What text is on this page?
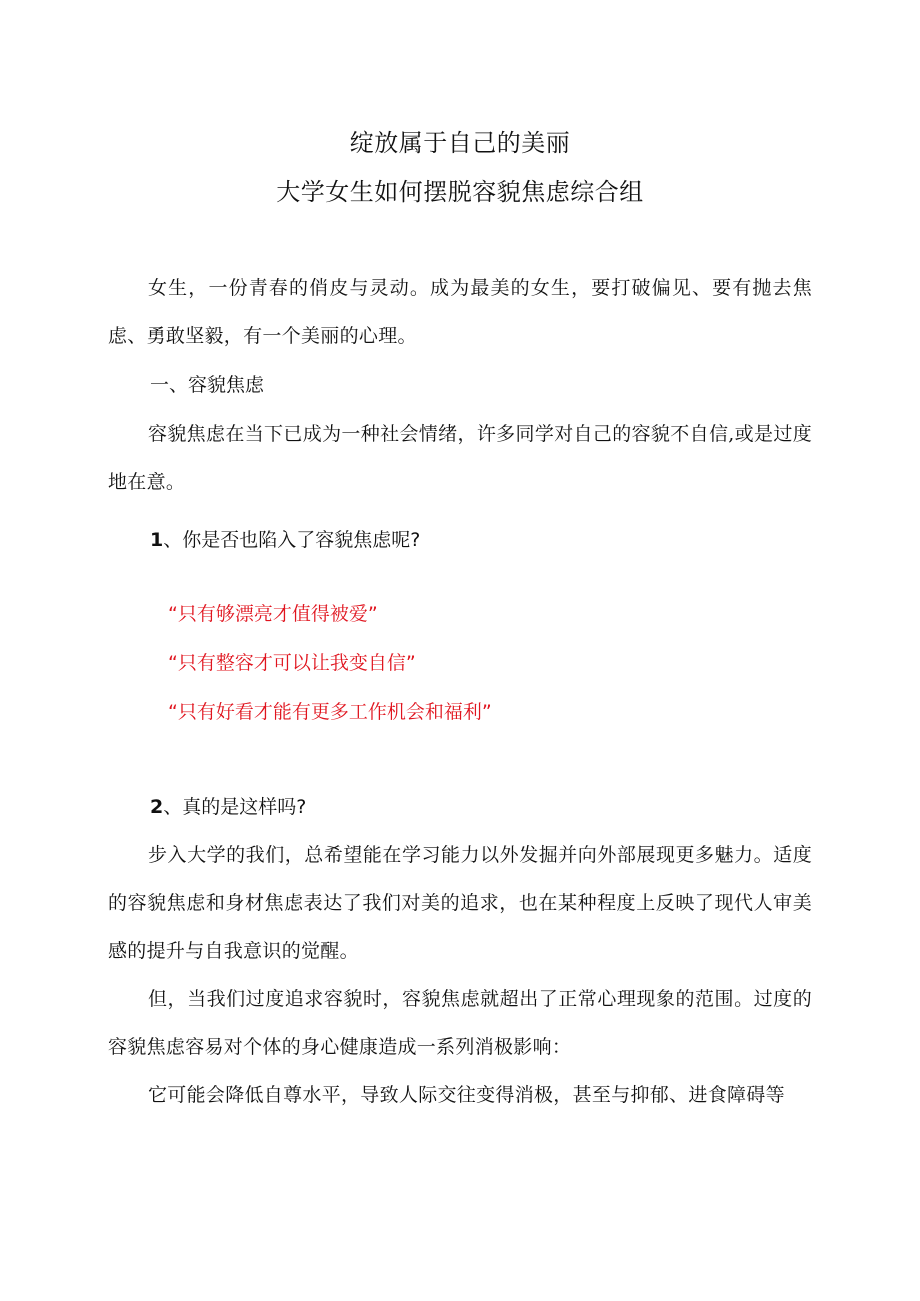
绽放属于自己的美丽
大学女生如何摆脱容貌焦虑综合组

女生，一份青春的俏皮与灵动。成为最美的女生，要打破偏见、要有抛去焦虑、勇敢坚毅，有一个美丽的心理。

一、容貌焦虑

容貌焦虑在当下已成为一种社会情绪，许多同学对自己的容貌不自信,或是过度地在意。

1、你是否也陷入了容貌焦虑呢?

“只有够漂亮才值得被爱”

“只有整容才可以让我变自信”

“只有好看才能有更多工作机会和福利”

2、真的是这样吗?

步入大学的我们，总希望能在学习能力以外发掘并向外部展现更多魅力。适度的容貌焦虑和身材焦虑表达了我们对美的追求，也在某种程度上反映了现代人审美感的提升与自我意识的觉醒。

但，当我们过度追求容貌时，容貌焦虑就超出了正常心理现象的范围。过度的容貌焦虑容易对个体的身心健康造成一系列消极影响：

它可能会降低自尊水平，导致人际交往变得消极，甚至与抑郁、进食障碍等
